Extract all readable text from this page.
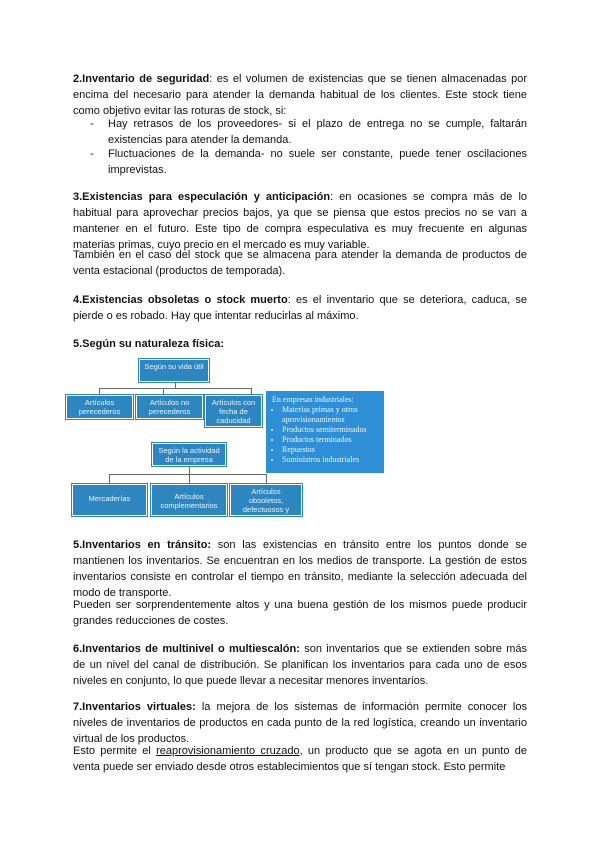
2.Inventario de seguridad: es el volumen de existencias que se tienen almacenadas por encima del necesario para atender la demanda habitual de los clientes. Este stock tiene como objetivo evitar las roturas de stock, si:

- Hay retrasos de los proveedores- si el plazo de entrega no se cumple, faltarán existencias para atender la demanda.
- Fluctuaciones de la demanda- no suele ser constante, puede tener oscilaciones imprevistas.

3.Existencias para especulación y anticipación: en ocasiones se compra más de lo habitual para aprovechar precios bajos, ya que se piensa que estos precios no se van a mantener en el futuro. Este tipo de compra especulativa es muy frecuente en algunas materias primas, cuyo precio en el mercado es muy variable.

También en el caso del stock que se almacena para atender la demanda de productos de venta estacional (productos de temporada).

4.Existencias obsoletas o stock muerto: es el inventario que se deteriora, caduca, se pierde o es robado. Hay que intentar reducirlas al máximo.

5.Según su naturaleza física:

Según su vida útil
Artículos perecederos
Artículos no perecederos
Artículos con fecha de caducidad
En empresas industriales:
• Materias primas y otros aprovisionamientos
• Productos semiterminados
• Productos terminados
• Repuestos
• Suministros industriales
Según la actividad de la empresa
Mercaderías	Artículos complementarios
Artículos obsoletos, defectuosos y deteriorados

5.Inventarios en tránsito: son las existencias en tránsito entre los puntos donde se mantienen los inventarios. Se encuentran en los medios de transporte. La gestión de estos inventarios consiste en controlar el tiempo en tránsito, mediante la selección adecuada del modo de transporte.

Pueden ser sorprendentemente altos y una buena gestión de los mismos puede producir grandes reducciones de costes.

6.Inventarios de multinivel o multiescalón: son inventarios que se extienden sobre más de un nivel del canal de distribución. Se planifican los inventarios para cada uno de esos niveles en conjunto, lo que puede llevar a necesitar menores inventarios.

7.Inventarios virtuales: la mejora de los sistemas de información permite conocer los niveles de inventarios de productos en cada punto de la red logística, creando un inventario virtual de los productos.

Esto permite el reaprovisionamiento cruzado, un producto que se agota en un punto de venta puede ser enviado desde otros establecimientos que sí tengan stock. Esto permite
